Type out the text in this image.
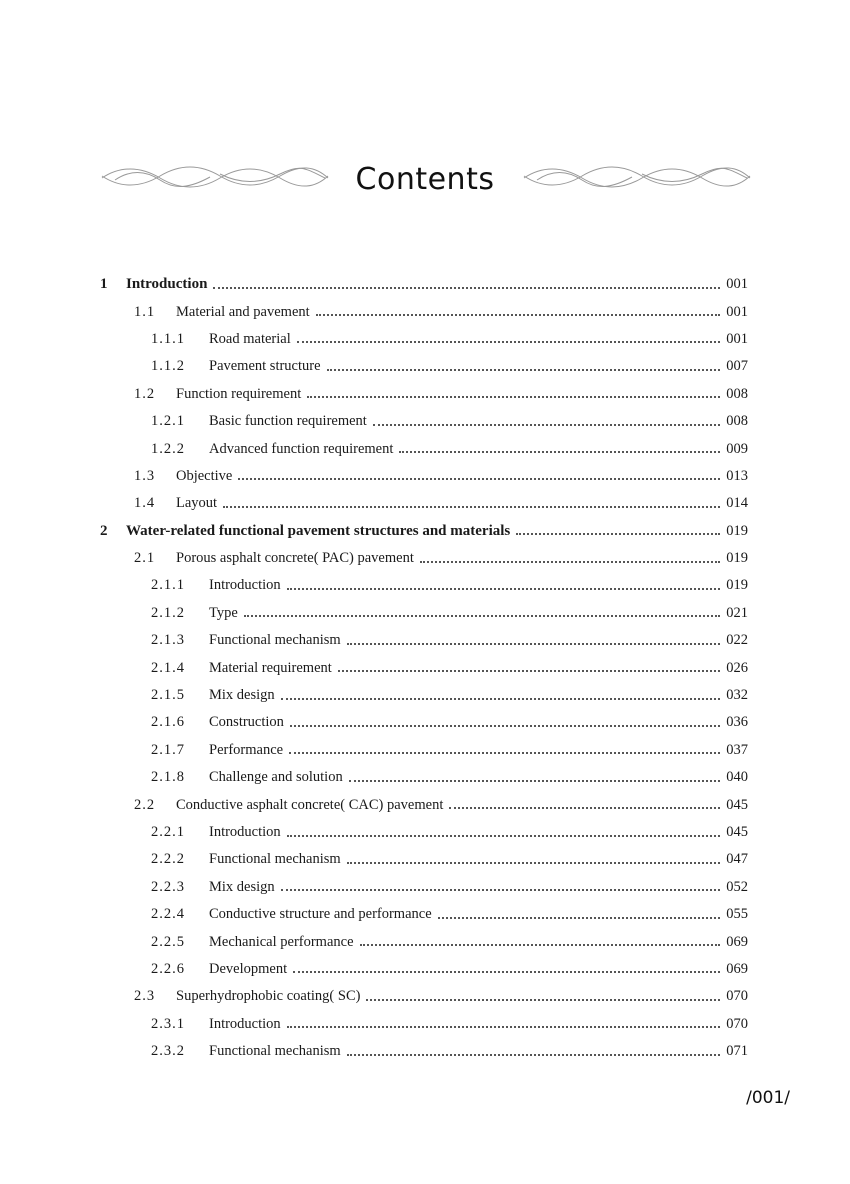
Contents
1	Introduction	001
1.1	Material and pavement	001
1.1.1	Road material	001
1.1.2	Pavement structure	007
1.2	Function requirement	008
1.2.1	Basic function requirement	008
1.2.2	Advanced function requirement	009
1.3	Objective	013
1.4	Layout	014
2	Water-related functional pavement structures and materials	019
2.1	Porous asphalt concrete( PAC) pavement	019
2.1.1	Introduction	019
2.1.2	Type	021
2.1.3	Functional mechanism	022
2.1.4	Material requirement	026
2.1.5	Mix design	032
2.1.6	Construction	036
2.1.7	Performance	037
2.1.8	Challenge and solution	040
2.2	Conductive asphalt concrete( CAC) pavement	045
2.2.1	Introduction	045
2.2.2	Functional mechanism	047
2.2.3	Mix design	052
2.2.4	Conductive structure and performance	055
2.2.5	Mechanical performance	069
2.2.6	Development	069
2.3	Superhydrophobic coating( SC)	070
2.3.1	Introduction	070
2.3.2	Functional mechanism	071
/001/
